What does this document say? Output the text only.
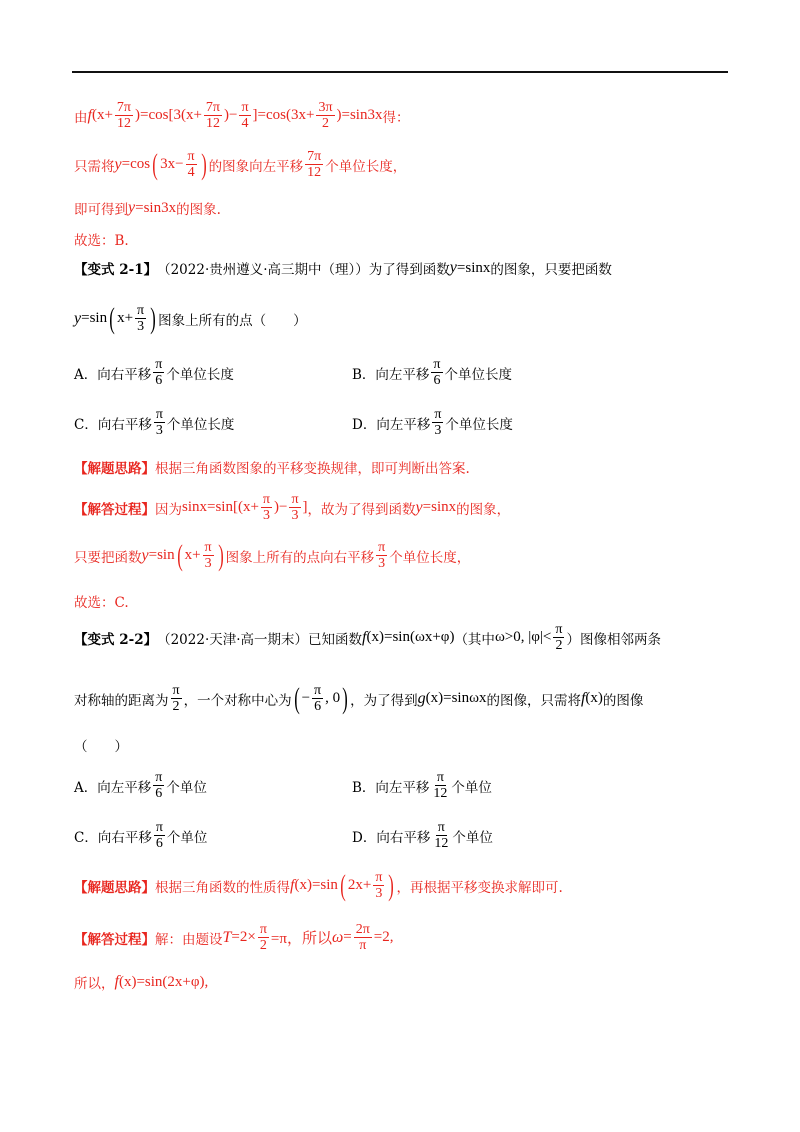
由 f $(x+ \frac{7\pi}{12} )=\cos[3(x+ \frac{7\pi}{12}$ )− $\frac{\pi}{4} ]=\cos(3x+ \frac{3\pi}{2} )=\sin 3x$ 得：
只需将 y =cos ( $3x- \frac{\pi}{4}$ ) 的图象向左平移 $\frac{7\pi}{12}$ 个单位长度，
即可得到 y =sin3x 的图象.
故选：B.
【变式 2-1】 （2022·贵州遵义·高三期中（理））为了得到函数 y =sinx 的图象，只要把函数
y =sin ( $x+ \frac{\pi}{3}$ ) 图象上所有的点（　　）
A．向右平移 $\frac{\pi}{6}$ 个单位长度	B．向左平移 $\frac{\pi}{6}$ 个单位长度
C．向右平移 $\frac{\pi}{3}$ 个单位长度	D．向左平移 $\frac{\pi}{3}$ 个单位长度
【解题思路】 根据三角函数图象的平移变换规律，即可判断出答案.
【解答过程】 因为 $\sin x=\sin[(x+ \frac{\pi}{3}$ )− $\frac{\pi}{3}$ ] ，故为了得到函数 y =sinx 的图象，
只要把函数 y =sin ( $x+ \frac{\pi}{3}$ ) 图象上所有的点向右平移 $\frac{\pi}{3}$ 个单位长度，
故选：C.
【变式 2-2】 （2022·天津·高一期末）已知函数 f (x)=sin(ωx+φ) （其中 ω>0, $|\varphi|< \frac{\pi}{2}$ ）图像相邻两条
对称轴的距离为 $\frac{\pi}{2}$ ，一个对称中心为 ( − $\frac{\pi}{6}$ , 0 ) ，为了得到 g (x)=sinωx 的图像，只需将 f (x) 的图像
（　　）
A．向左平移 $\frac{\pi}{6}$ 个单位	B．向左平移 $\frac{\pi}{12}$ 个单位
C．向右平移 $\frac{\pi}{6}$ 个单位	D．向右平移 $\frac{\pi}{12}$ 个单位
【解题思路】 根据三角函数的性质得 f (x)=sin ( $2x+ \frac{\pi}{3}$ ) ，再根据平移变换求解即可.
【解答过程】 解：由题设 $T =2\times \frac{\pi}{2} =\pi$，所以 $\omega = \frac{2\pi}{\pi} =2$,
所以， f (x)=sin(2x+φ),
